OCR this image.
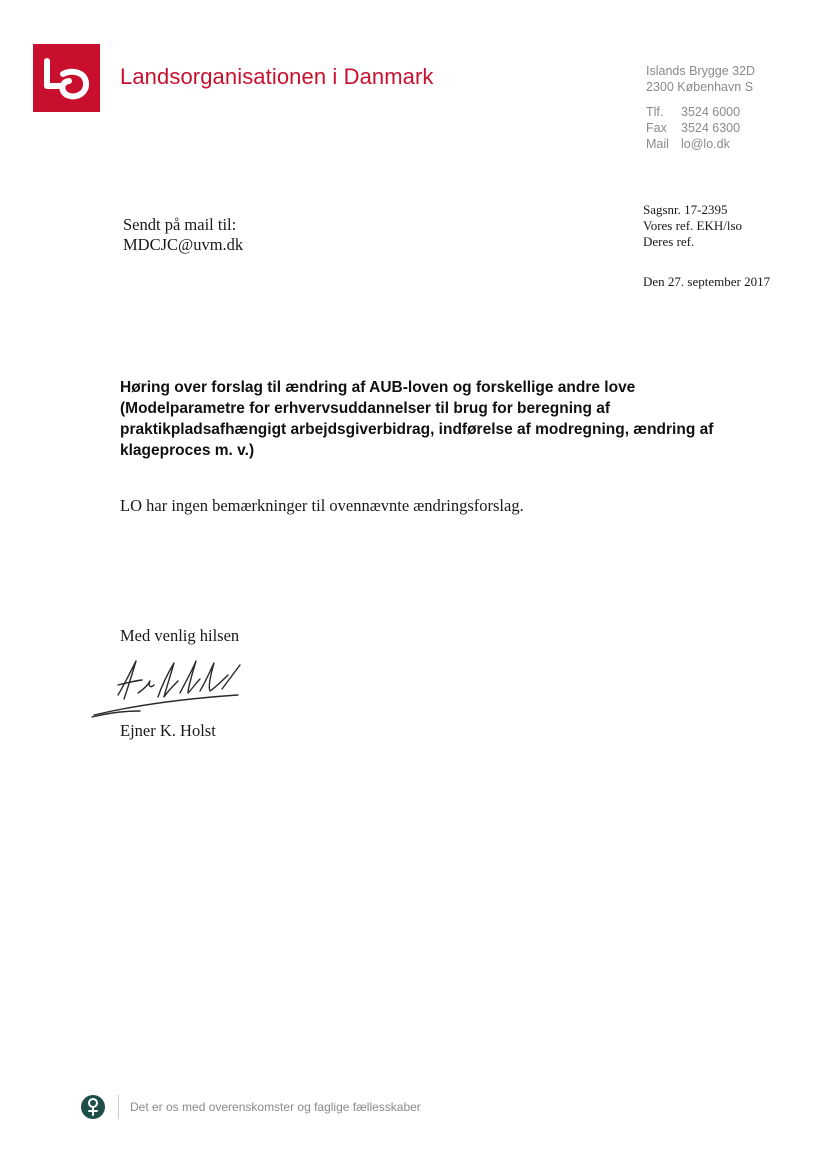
Landsorganisationen i Danmark	Islands Brygge 32D
2300 København S
Tlf.	3524 6000
Fax	3524 6300
Mail lo@lo.dk
Sendt på mail til:
MDCJC@uvm.dk
Sagsnr. 17-2395
Vores ref. EKH/lso
Deres ref.
Den 27. september 2017
Høring over forslag til ændring af AUB-loven og forskellige andre love (Modelparametre for erhvervsuddannelser til brug for beregning af praktikpladsafhængigt arbejdsgiverbidrag, indførelse af modregning, ændring af klageproces m. v.)
LO har ingen bemærkninger til ovennævnte ændringsforslag.
Med venlig hilsen
Ejner K. Holst
Det er os med overenskomster og faglige fællesskaber
